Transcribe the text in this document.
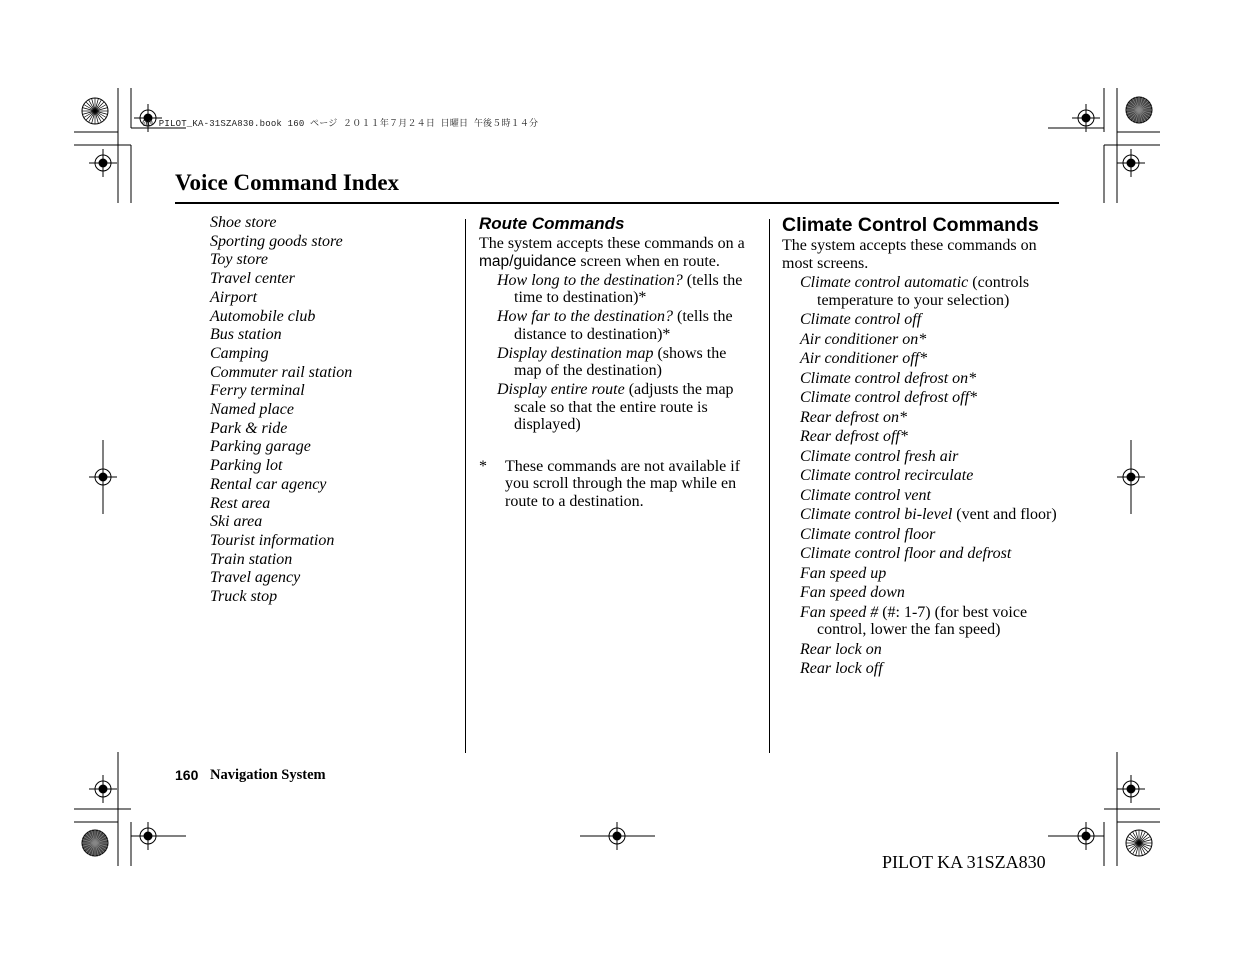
00 PILOT_KA-31SZA830.book 160 ページ ２０１１年７月２４日 日曜日 午後５時１４分
Voice Command Index
Shoe store
Sporting goods store
Toy store
Travel center
Airport
Automobile club
Bus station
Camping
Commuter rail station
Ferry terminal
Named place
Park & ride
Parking garage
Parking lot
Rental car agency
Rest area
Ski area
Tourist information
Train station
Travel agency
Truck stop
Route Commands
The system accepts these commands on a map/guidance screen when en route.
How long to the destination? (tells the time to destination)*
How far to the destination? (tells the distance to destination)*
Display destination map (shows the map of the destination)
Display entire route (adjusts the map scale so that the entire route is displayed)
* These commands are not available if you scroll through the map while en route to a destination.
Climate Control Commands
The system accepts these commands on most screens.
Climate control automatic (controls temperature to your selection)
Climate control off
Air conditioner on*
Air conditioner off*
Climate control defrost on*
Climate control defrost off*
Rear defrost on*
Rear defrost off*
Climate control fresh air
Climate control recirculate
Climate control vent
Climate control bi-level (vent and floor)
Climate control floor
Climate control floor and defrost
Fan speed up
Fan speed down
Fan speed # (#: 1-7) (for best voice control, lower the fan speed)
Rear lock on
Rear lock off
160 Navigation System
PILOT KA 31SZA830
